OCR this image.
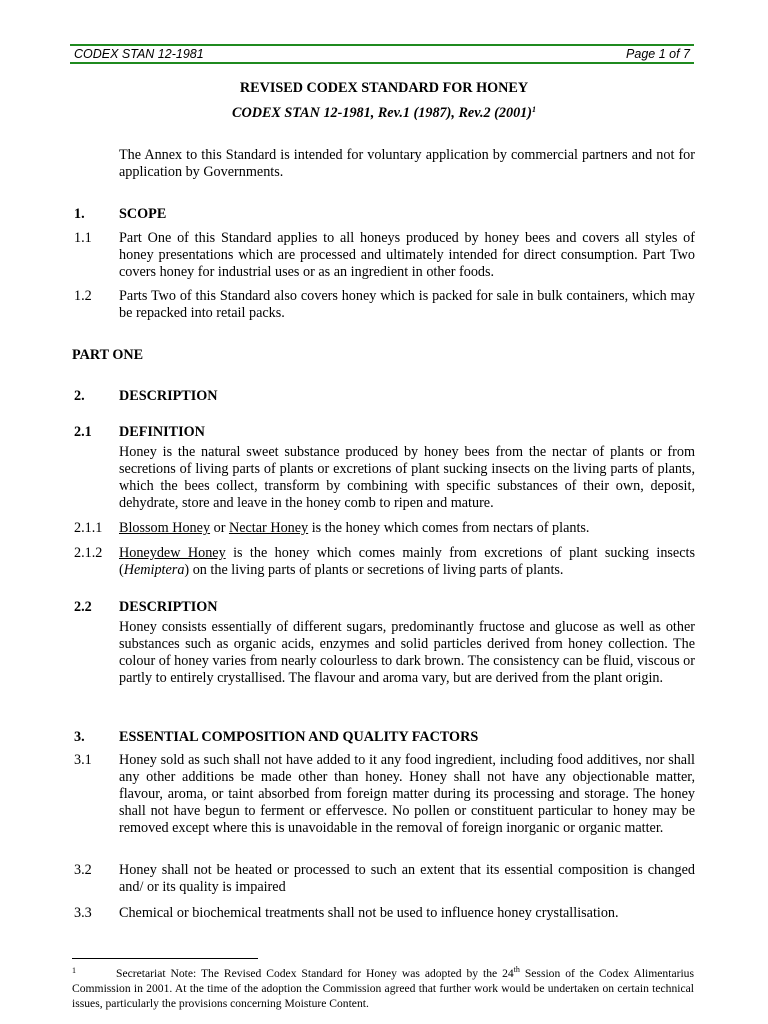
CODEX STAN 12-1981	Page 1 of 7
REVISED CODEX STANDARD FOR HONEY
CODEX STAN 12-1981, Rev.1 (1987), Rev.2 $(2001)^1$
The Annex to this Standard is intended for voluntary application by commercial partners and not for application by Governments.
1. SCOPE
1.1 Part One of this Standard applies to all honeys produced by honey bees and covers all styles of honey presentations which are processed and ultimately intended for direct consumption. Part Two covers honey for industrial uses or as an ingredient in other foods.
1.2 Parts Two of this Standard also covers honey which is packed for sale in bulk containers, which may be repacked into retail packs.
PART ONE
2. DESCRIPTION
2.1 DEFINITION
Honey is the natural sweet substance produced by honey bees from the nectar of plants or from secretions of living parts of plants or excretions of plant sucking insects on the living parts of plants, which the bees collect, transform by combining with specific substances of their own, deposit, dehydrate, store and leave in the honey comb to ripen and mature.
2.1.1 Blossom Honey or Nectar Honey is the honey which comes from nectars of plants.
2.1.2 Honeydew Honey is the honey which comes mainly from excretions of plant sucking insects (Hemiptera) on the living parts of plants or secretions of living parts of plants.
2.2 DESCRIPTION
Honey consists essentially of different sugars, predominantly fructose and glucose as well as other substances such as organic acids, enzymes and solid particles derived from honey collection. The colour of honey varies from nearly colourless to dark brown. The consistency can be fluid, viscous or partly to entirely crystallised. The flavour and aroma vary, but are derived from the plant origin.
3. ESSENTIAL COMPOSITION AND QUALITY FACTORS
3.1 Honey sold as such shall not have added to it any food ingredient, including food additives, nor shall any other additions be made other than honey. Honey shall not have any objectionable matter, flavour, aroma, or taint absorbed from foreign matter during its processing and storage. The honey shall not have begun to ferment or effervesce. No pollen or constituent particular to honey may be removed except where this is unavoidable in the removal of foreign inorganic or organic matter.
3.2 Honey shall not be heated or processed to such an extent that its essential composition is changed and/ or its quality is impaired
3.3 Chemical or biochemical treatments shall not be used to influence honey crystallisation.
1	Secretariat Note: The Revised Codex Standard for Honey was adopted by the 24th Session of the Codex Alimentarius Commission in 2001. At the time of the adoption the Commission agreed that further work would be undertaken on certain technical issues, particularly the provisions concerning Moisture Content.
